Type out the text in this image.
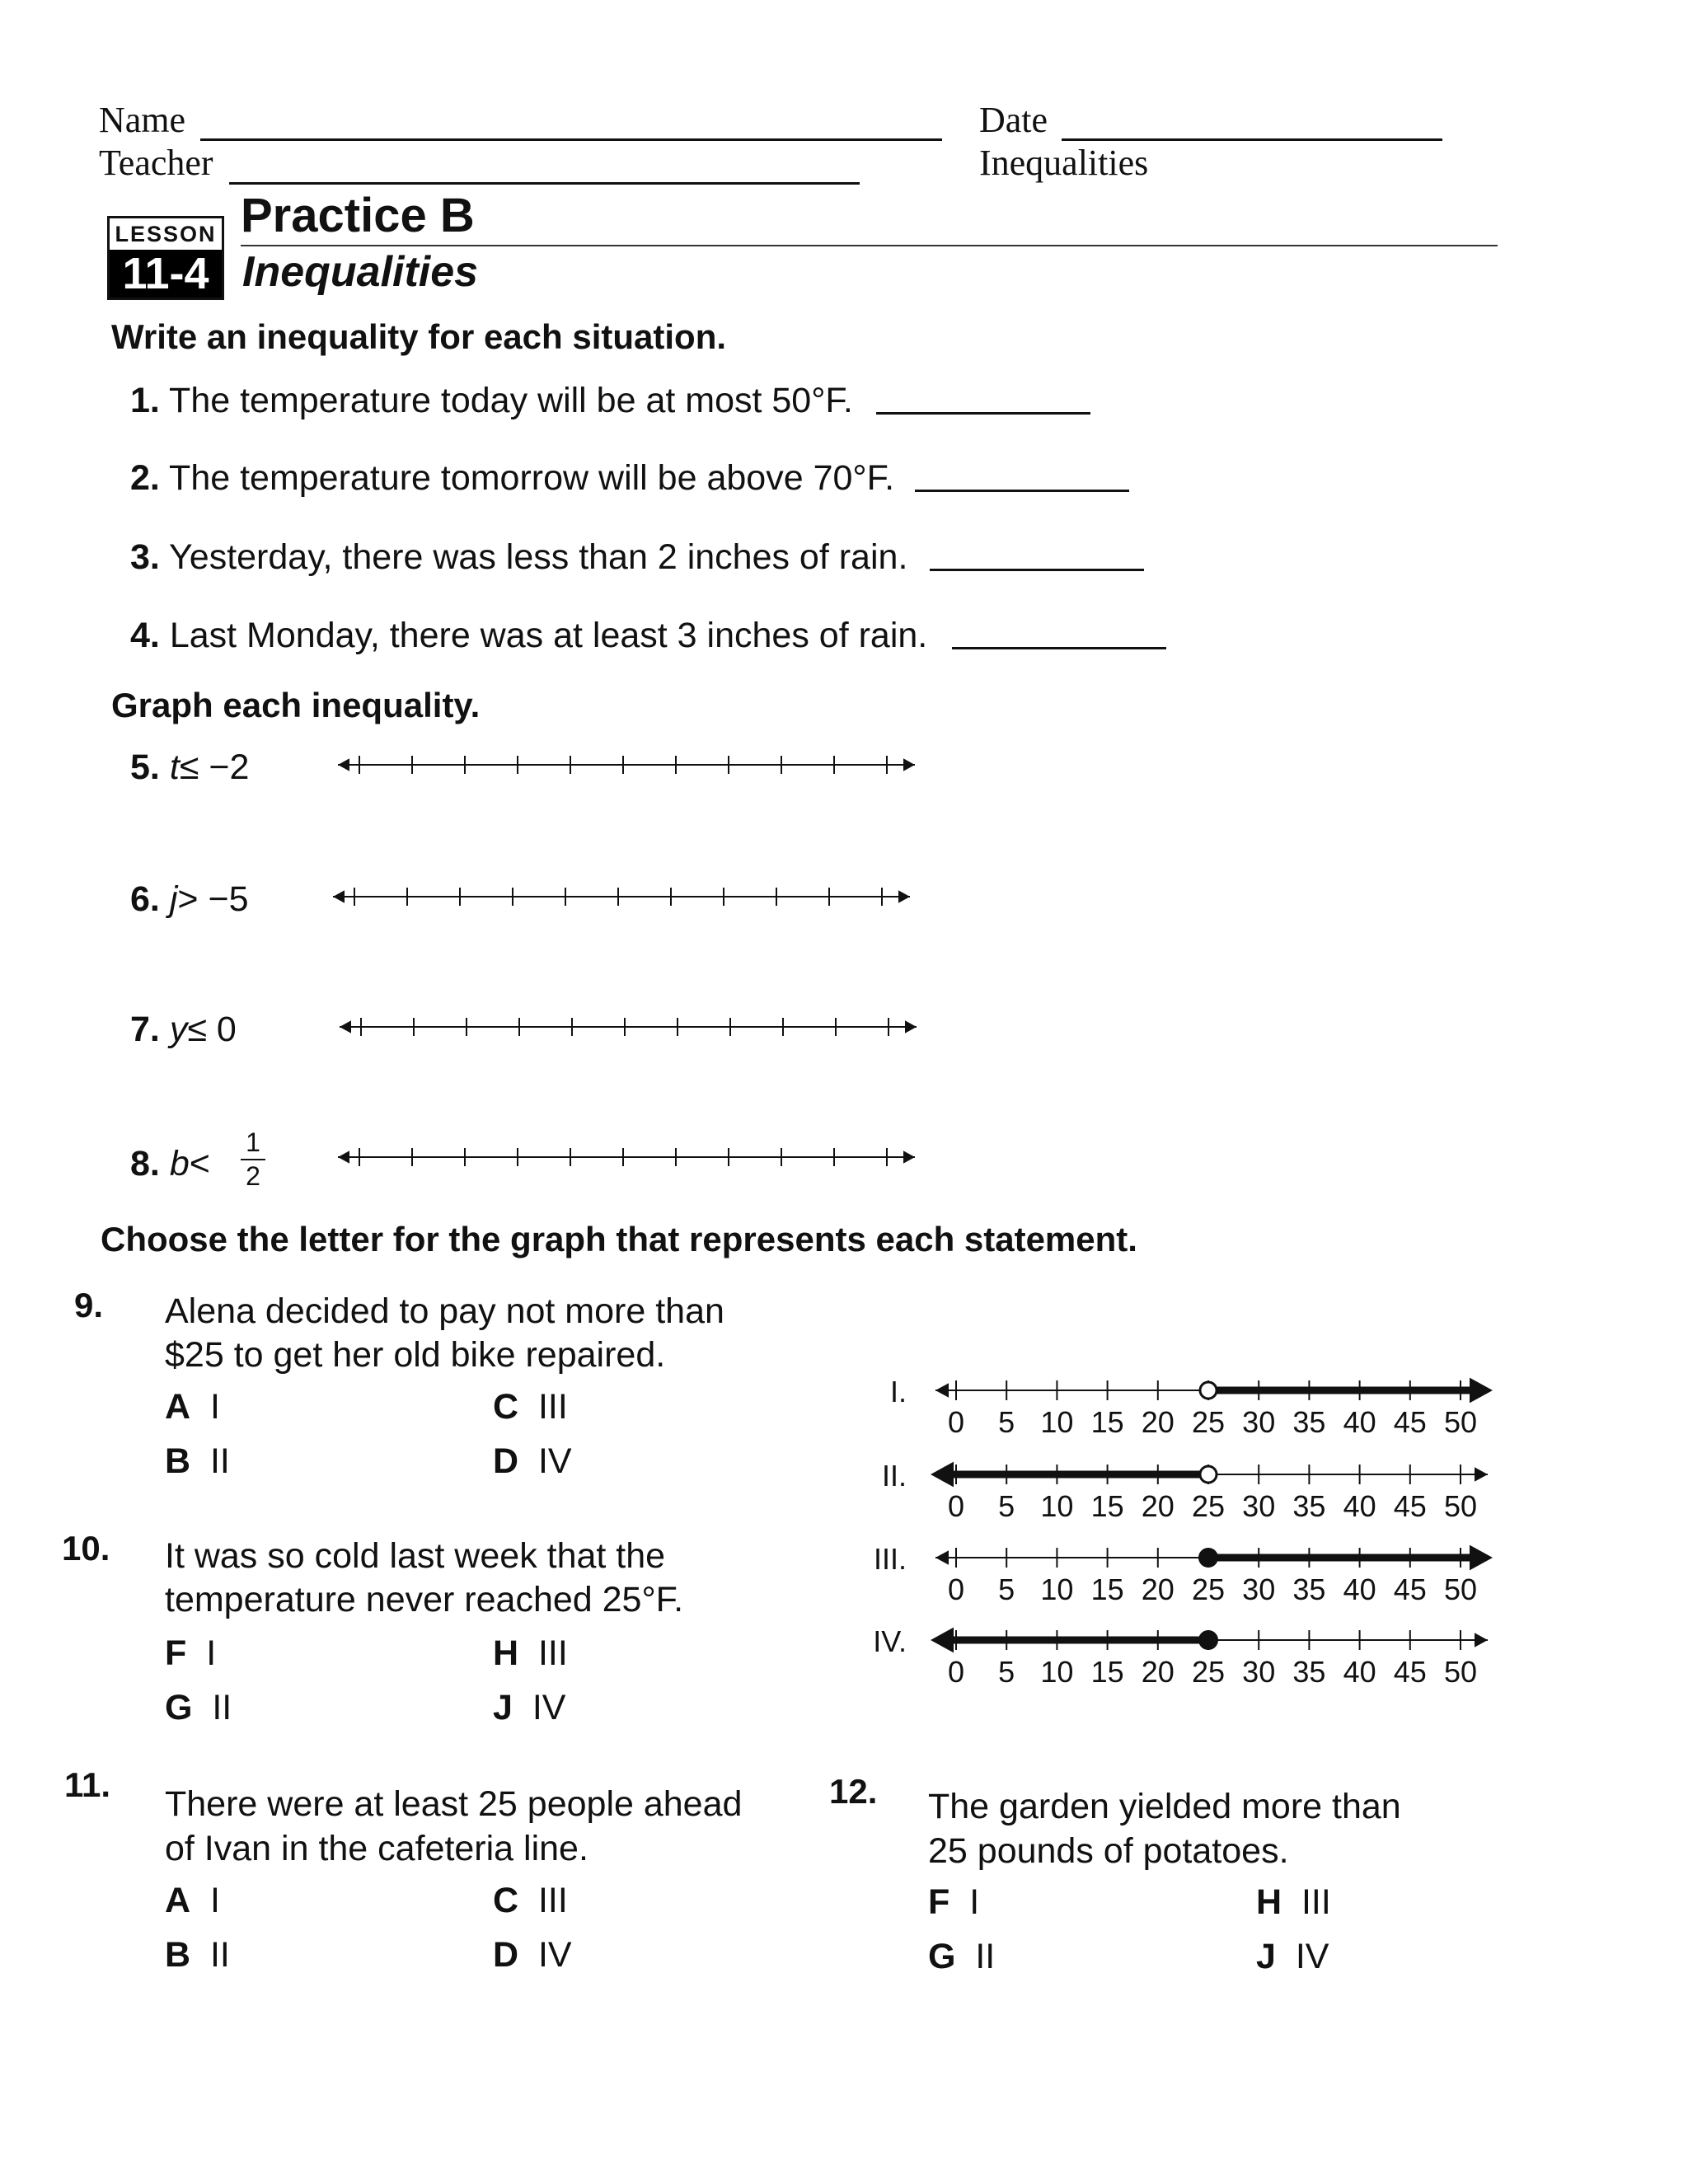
Name	Date
Teacher	Inequalities
LESSON
11-4
Practice B
Inequalities
Write an inequality for each situation.
1. The temperature today will be at most 50°F.
2. The temperature tomorrow will be above 70°F.
3. Yesterday, there was less than 2 inches of rain.
4. Last Monday, there was at least 3 inches of rain.
Graph each inequality.
5. t≤ −2
6. j> −5
7. y≤ 0
8. b<
1
2
Choose the letter for the graph that represents each statement.
9. Alena decided to pay not more than
$25 to get her old bike repaired.
A I	C III
B II	D IV
10. It was so cold last week that the
temperature never reached 25°F.
F I	H III
G II	J IV
11. There were at least 25 people ahead
of Ivan in the cafeteria line.
A I	C III
B II	D IV
12. The garden yielded more than
25 pounds of potatoes.
F I	H III
G II	J IV
I.
0 5 10 15 20 25 30 35 40 45 50
II.
0 5 10 15 20 25 30 35 40 45 50
III.
0 5 10 15 20 25 30 35 40 45 50
IV.
0 5 10 15 20 25 30 35 40 45 50
